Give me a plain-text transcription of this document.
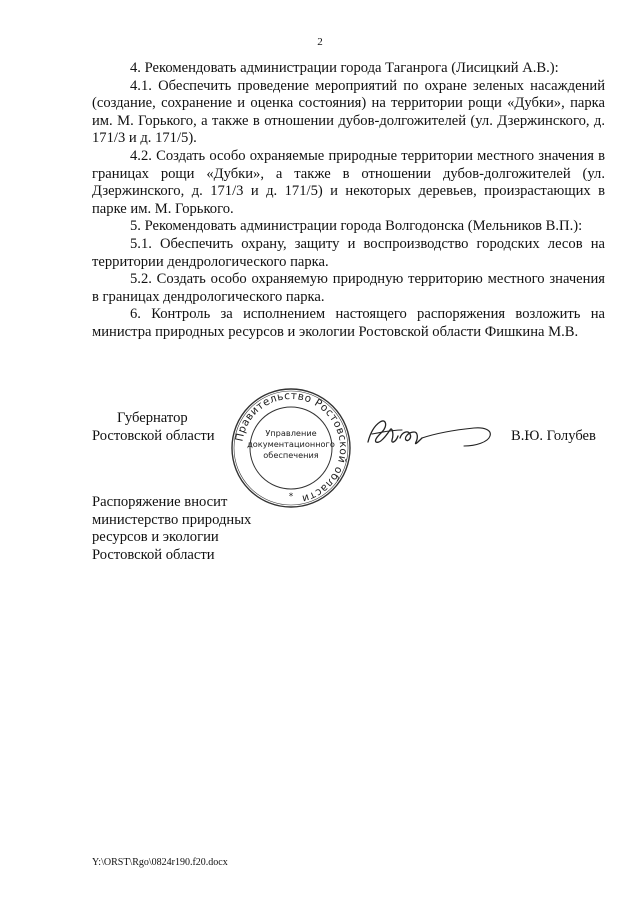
2

4. Рекомендовать администрации города Таганрога (Лисицкий А.В.):

4.1. Обеспечить проведение мероприятий по охране зеленых насаждений (создание, сохранение и оценка состояния) на территории рощи «Дубки», парка им. М. Горького, а также в отношении дубов-долгожителей (ул. Дзержинского, д. 171/3 и д. 171/5).

4.2. Создать особо охраняемые природные территории местного значения в границах рощи «Дубки», а также в отношении дубов-долгожителей (ул. Дзержинского, д. 171/3 и д. 171/5) и некоторых деревьев, произрастающих в парке им. М. Горького.

5. Рекомендовать администрации города Волгодонска (Мельников В.П.):

5.1. Обеспечить охрану, защиту и воспроизводство городских лесов на территории дендрологического парка.

5.2. Создать особо охраняемую природную территорию местного значения в границах дендрологического парка.

6. Контроль за исполнением настоящего распоряжения возложить на министра природных ресурсов и экологии Ростовской области Фишкина М.В.

Губернатор
Ростовской области Правительство Ростовской области
Управление
документационного
обеспечения
*
В.Ю. Голубев
Распоряжение вносит
министерство природных
ресурсов и экологии
Ростовской области
Y:\ORST\Rgo\0824r190.f20.docx
